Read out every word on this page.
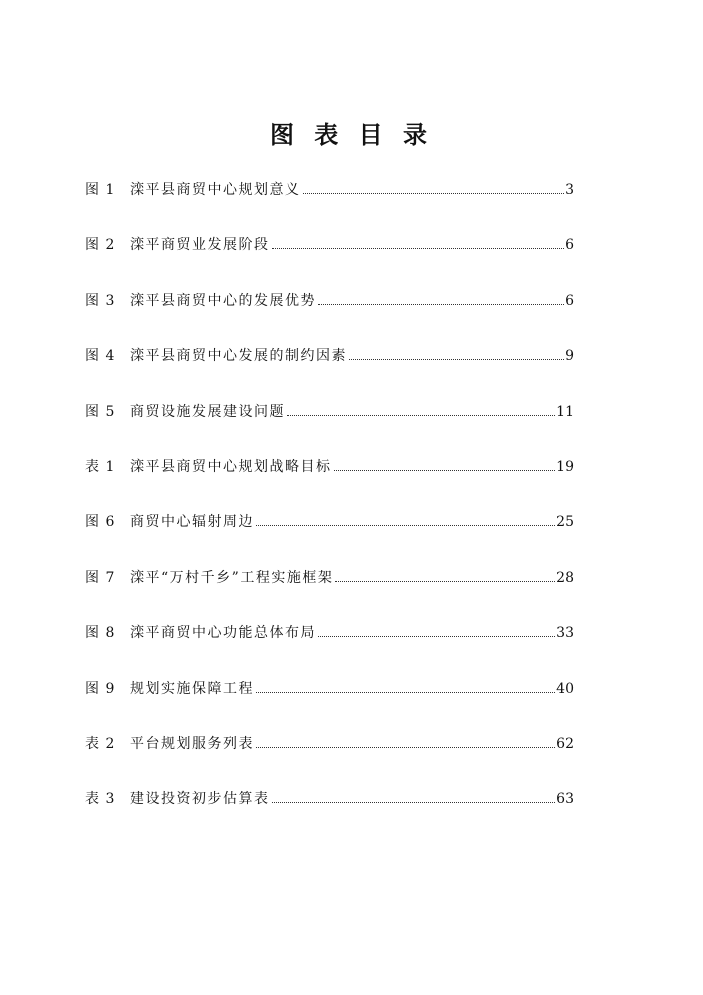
图 表 目 录
图 1	滦平县商贸中心规划意义	3
图 2	滦平商贸业发展阶段	6
图 3	滦平县商贸中心的发展优势	6
图 4	滦平县商贸中心发展的制约因素	9
图 5	商贸设施发展建设问题	11
表 1	滦平县商贸中心规划战略目标	19
图 6	商贸中心辐射周边	25
图 7	滦平“万村千乡”工程实施框架	28
图 8	滦平商贸中心功能总体布局	33
图 9	规划实施保障工程	40
表 2	平台规划服务列表	62
表 3	建设投资初步估算表	63
